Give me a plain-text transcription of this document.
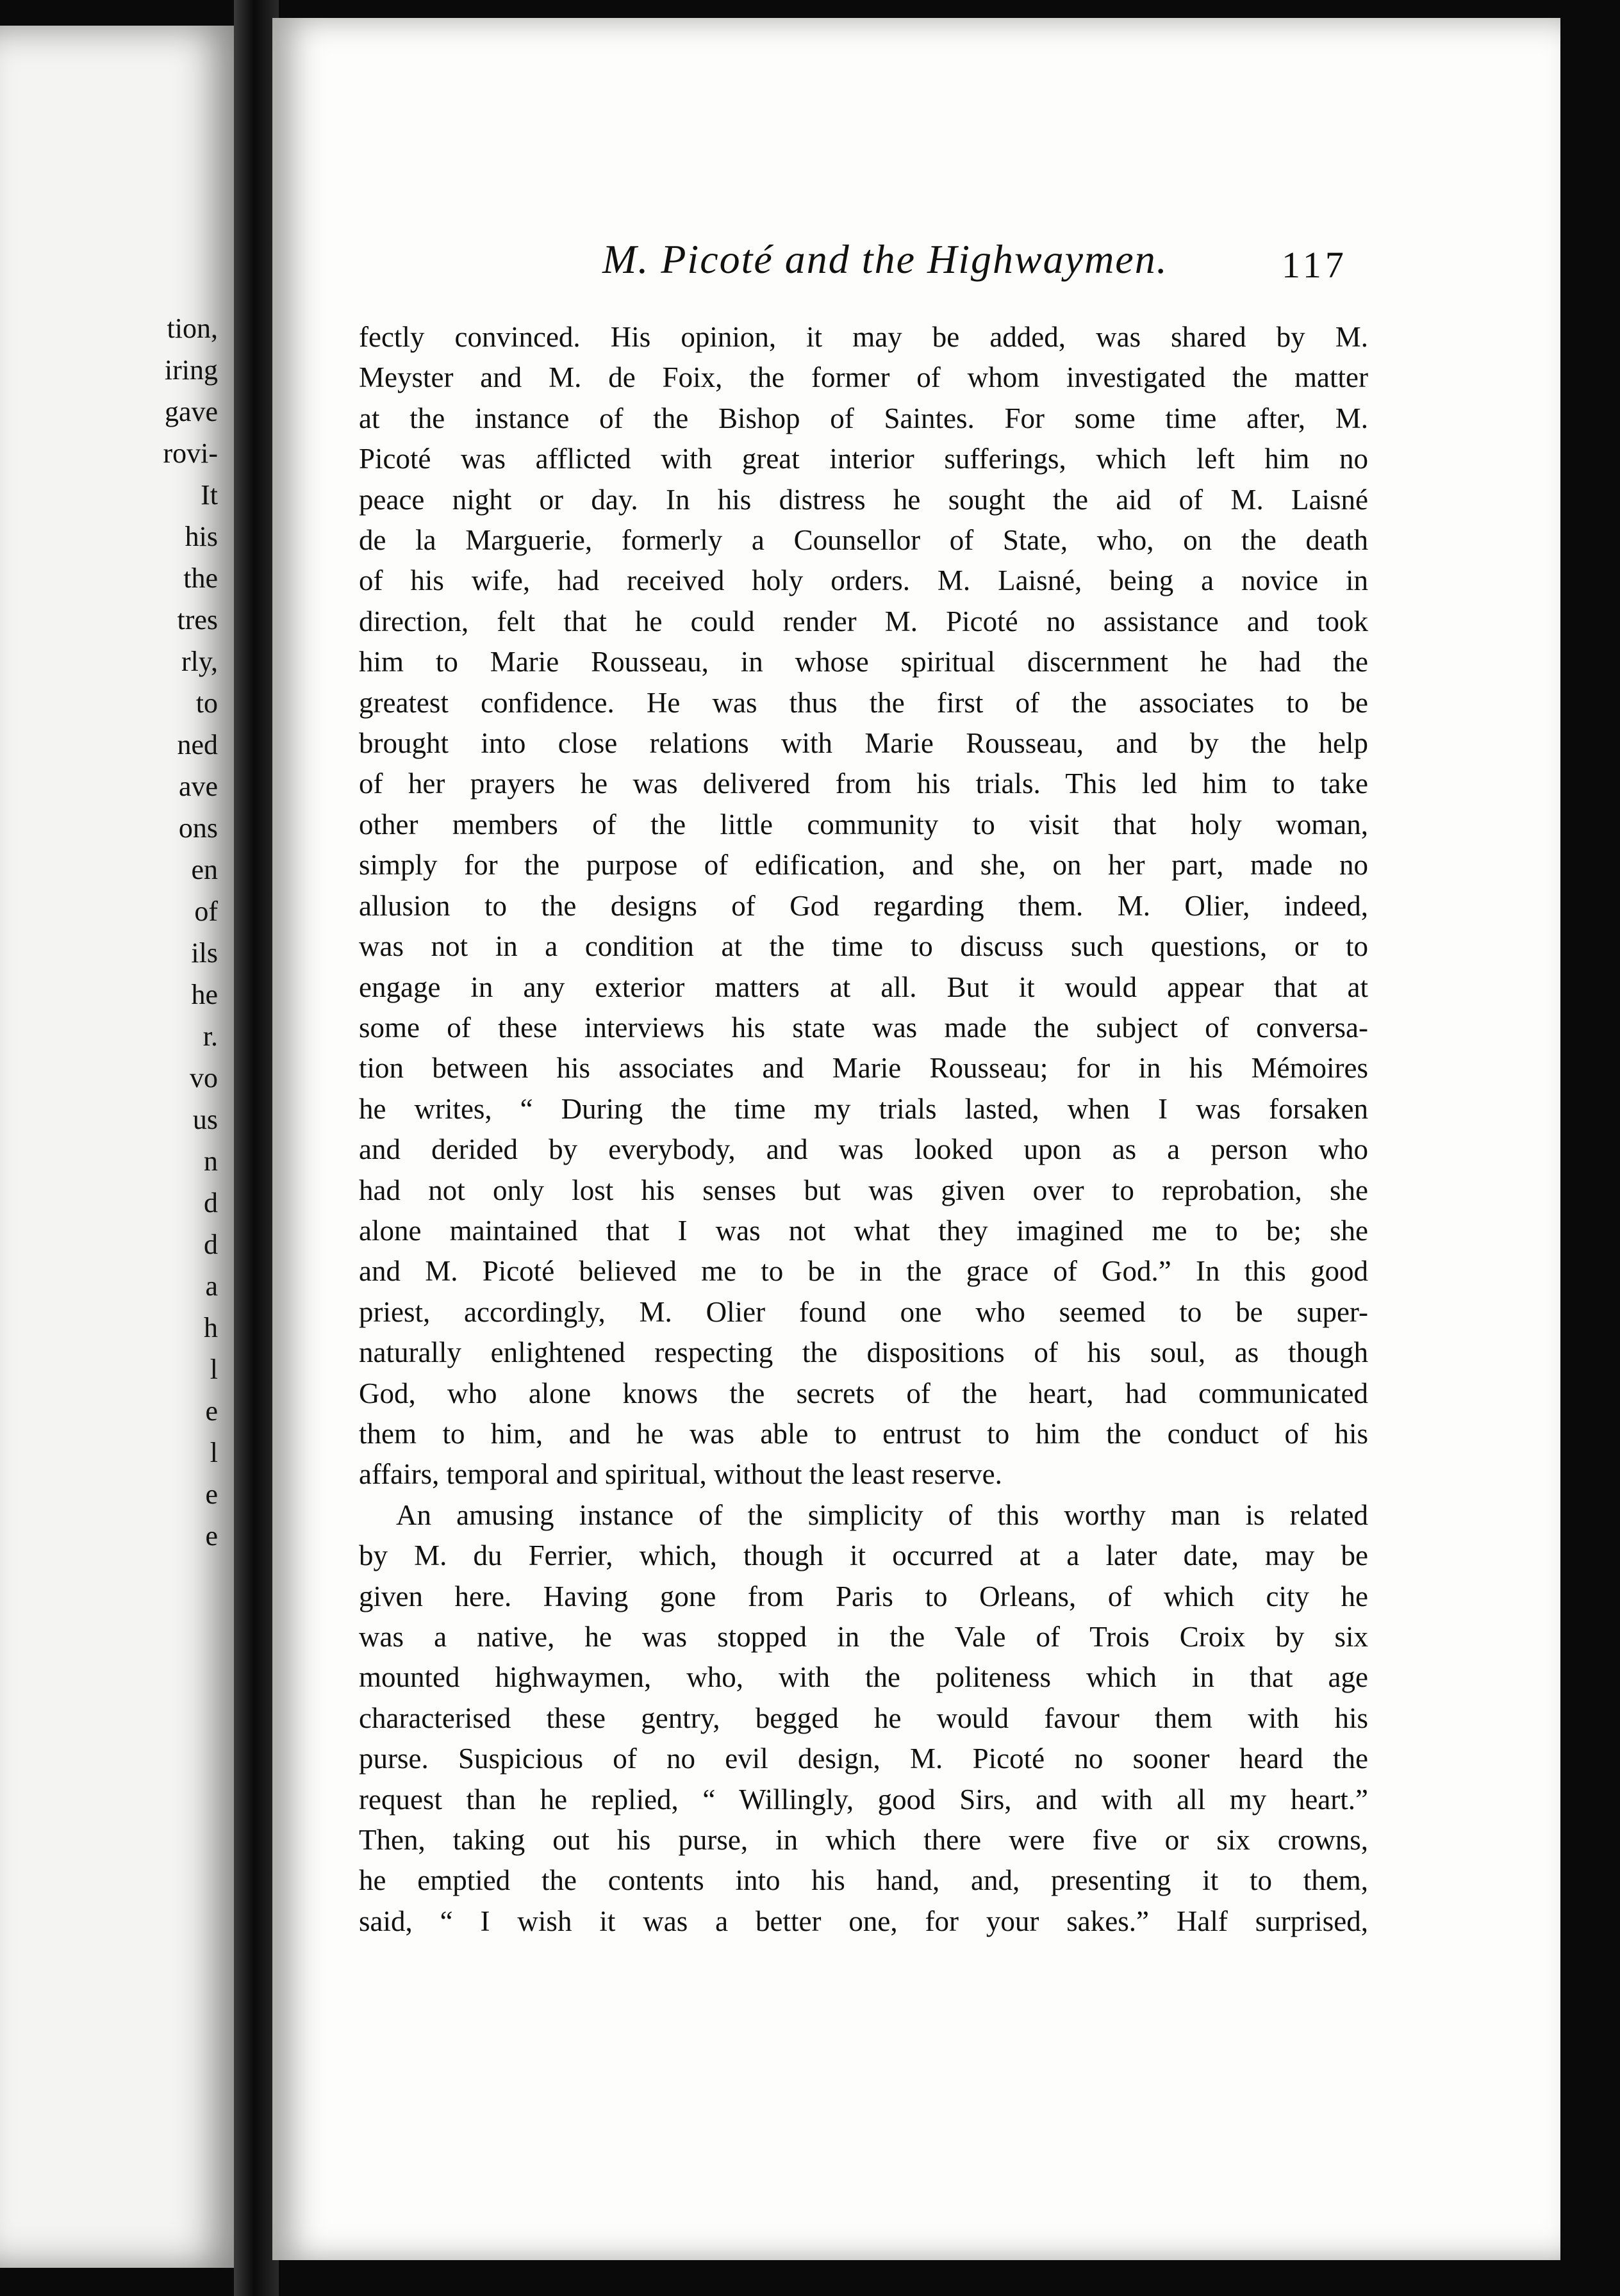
tion,
iring
gave
rovi-
It
his
the
tres
rly,
to
ned
ave
ons
en
of
ils
he
r.
vo
us
n
d
d
a
h
l
e
l
e
e
M. Picoté and the Highwaymen.	117
fectly convinced. His opinion, it may be added, was shared by M.
Meyster and M. de Foix, the former of whom investigated the matter
at the instance of the Bishop of Saintes. For some time after, M.
Picoté was afflicted with great interior sufferings, which left him no
peace night or day. In his distress he sought the aid of M. Laisné
de la Marguerie, formerly a Counsellor of State, who, on the death
of his wife, had received holy orders. M. Laisné, being a novice in
direction, felt that he could render M. Picoté no assistance and took
him to Marie Rousseau, in whose spiritual discernment he had the
greatest confidence. He was thus the first of the associates to be
brought into close relations with Marie Rousseau, and by the help
of her prayers he was delivered from his trials. This led him to take
other members of the little community to visit that holy woman,
simply for the purpose of edification, and she, on her part, made no
allusion to the designs of God regarding them. M. Olier, indeed,
was not in a condition at the time to discuss such questions, or to
engage in any exterior matters at all. But it would appear that at
some of these interviews his state was made the subject of conversa-
tion between his associates and Marie Rousseau; for in his Mémoires
he writes, “ During the time my trials lasted, when I was forsaken
and derided by everybody, and was looked upon as a person who
had not only lost his senses but was given over to reprobation, she
alone maintained that I was not what they imagined me to be; she
and M. Picoté believed me to be in the grace of God.” In this good
priest, accordingly, M. Olier found one who seemed to be super-
naturally enlightened respecting the dispositions of his soul, as though
God, who alone knows the secrets of the heart, had communicated
them to him, and he was able to entrust to him the conduct of his
affairs, temporal and spiritual, without the least reserve.
An amusing instance of the simplicity of this worthy man is related
by M. du Ferrier, which, though it occurred at a later date, may be
given here. Having gone from Paris to Orleans, of which city he
was a native, he was stopped in the Vale of Trois Croix by six
mounted highwaymen, who, with the politeness which in that age
characterised these gentry, begged he would favour them with his
purse. Suspicious of no evil design, M. Picoté no sooner heard the
request than he replied, “ Willingly, good Sirs, and with all my heart.”
Then, taking out his purse, in which there were five or six crowns,
he emptied the contents into his hand, and, presenting it to them,
said, “ I wish it was a better one, for your sakes.” Half surprised,
